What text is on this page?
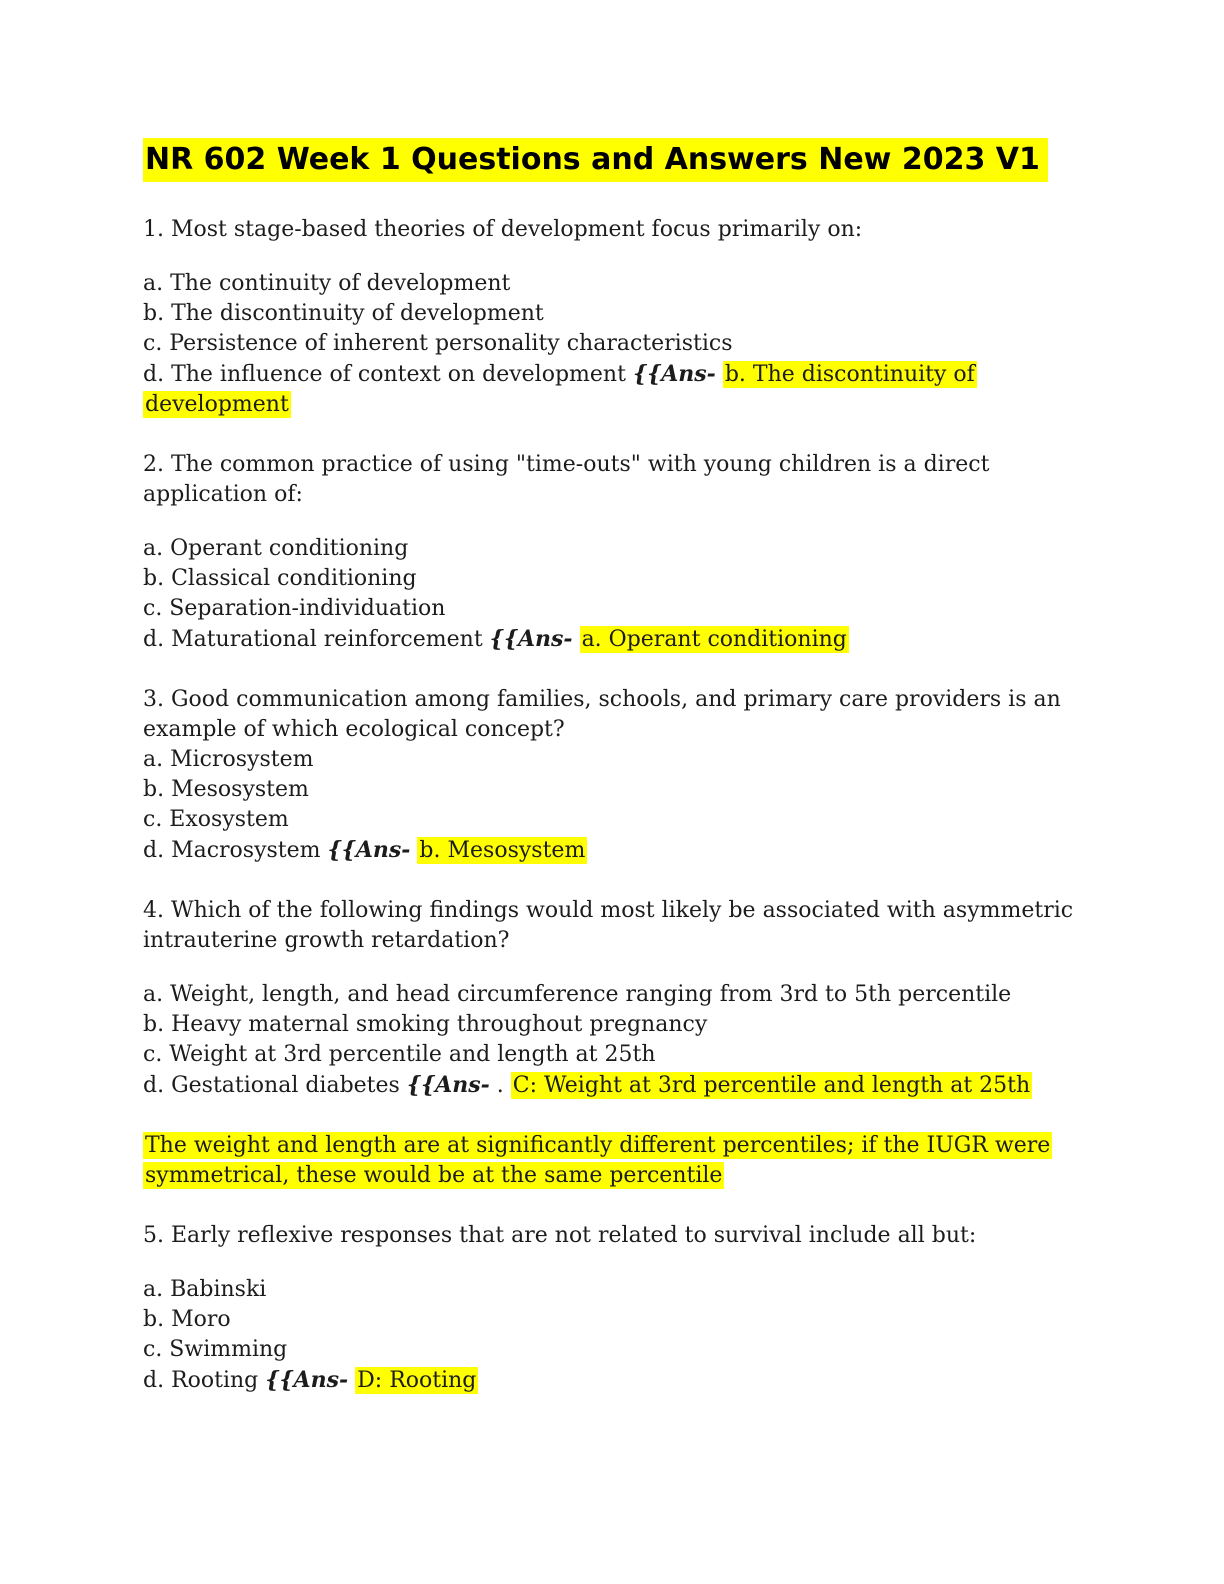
NR 602 Week 1 Questions and Answers New 2023 V1

1. Most stage-based theories of development focus primarily on:

a. The continuity of development
b. The discontinuity of development
c. Persistence of inherent personality characteristics
d. The influence of context on development {{Ans- b. The discontinuity of development

2. The common practice of using "time-outs" with young children is a direct application of:

a. Operant conditioning
b. Classical conditioning
c. Separation-individuation
d. Maturational reinforcement {{Ans- a. Operant conditioning

3. Good communication among families, schools, and primary care providers is an example of which ecological concept?

a. Microsystem
b. Mesosystem
c. Exosystem
d. Macrosystem {{Ans- b. Mesosystem

4. Which of the following findings would most likely be associated with asymmetric intrauterine growth retardation?

a. Weight, length, and head circumference ranging from 3rd to 5th percentile
b. Heavy maternal smoking throughout pregnancy
c. Weight at 3rd percentile and length at 25th
d. Gestational diabetes {{Ans- . C: Weight at 3rd percentile and length at 25th

The weight and length are at significantly different percentiles; if the IUGR were symmetrical, these would be at the same percentile

5. Early reflexive responses that are not related to survival include all but:

a. Babinski
b. Moro
c. Swimming
d. Rooting {{Ans- D: Rooting
